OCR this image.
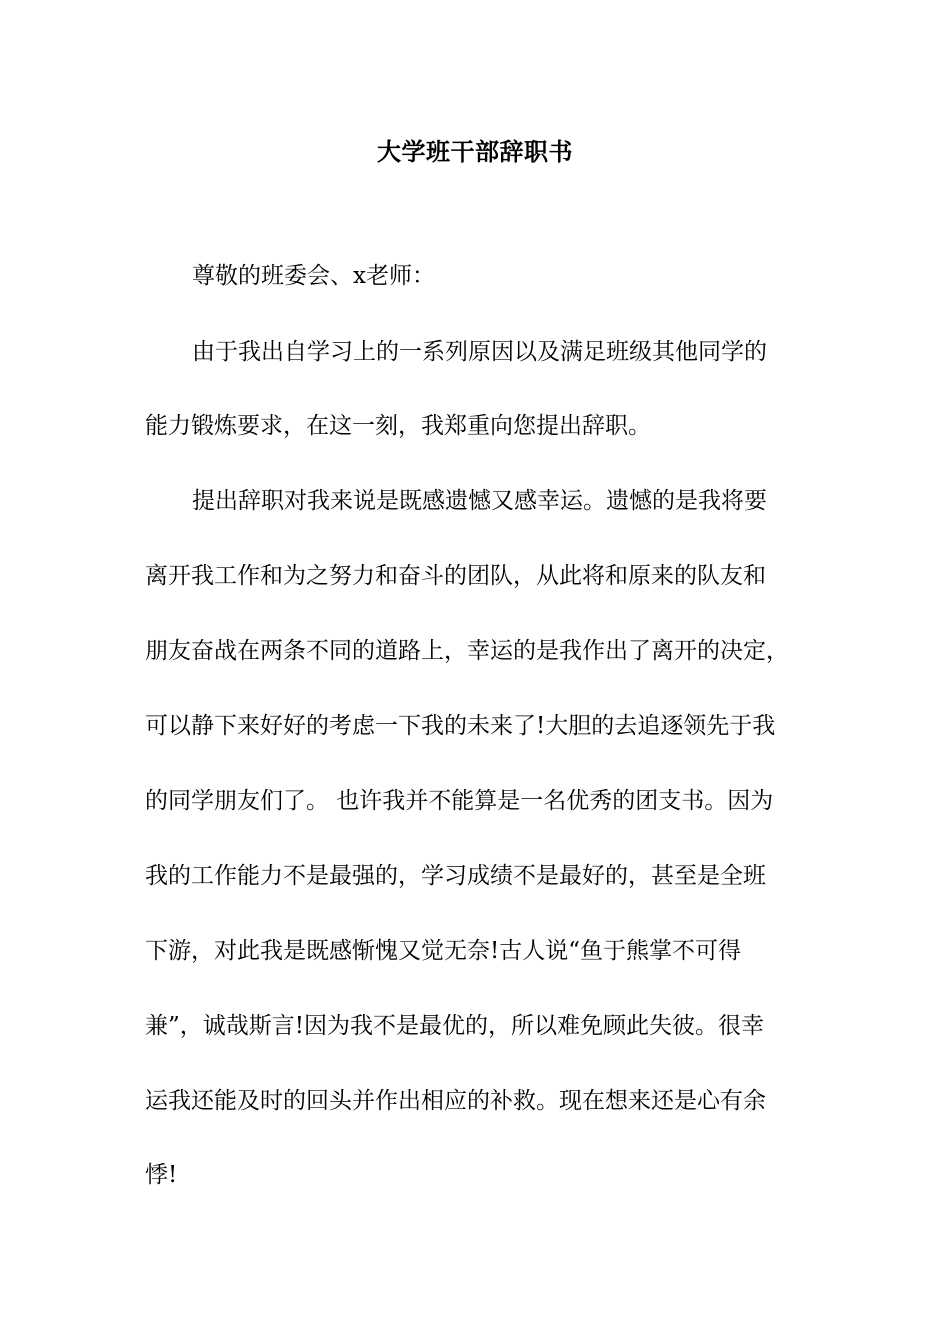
大学班干部辞职书
尊敬的班委会、x老师：
由于我出自学习上的一系列原因以及满足班级其他同学的
能力锻炼要求，在这一刻，我郑重向您提出辞职。
提出辞职对我来说是既感遗憾又感幸运。遗憾的是我将要
离开我工作和为之努力和奋斗的团队，从此将和原来的队友和
朋友奋战在两条不同的道路上，幸运的是我作出了离开的决定，
可以静下来好好的考虑一下我的未来了!大胆的去追逐领先于我
的同学朋友们了。 也许我并不能算是一名优秀的团支书。因为
我的工作能力不是最强的，学习成绩不是最好的，甚至是全班
下游，对此我是既感惭愧又觉无奈!古人说“鱼于熊掌不可得
兼”，诚哉斯言!因为我不是最优的，所以难免顾此失彼。很幸
运我还能及时的回头并作出相应的补救。现在想来还是心有余
悸!
